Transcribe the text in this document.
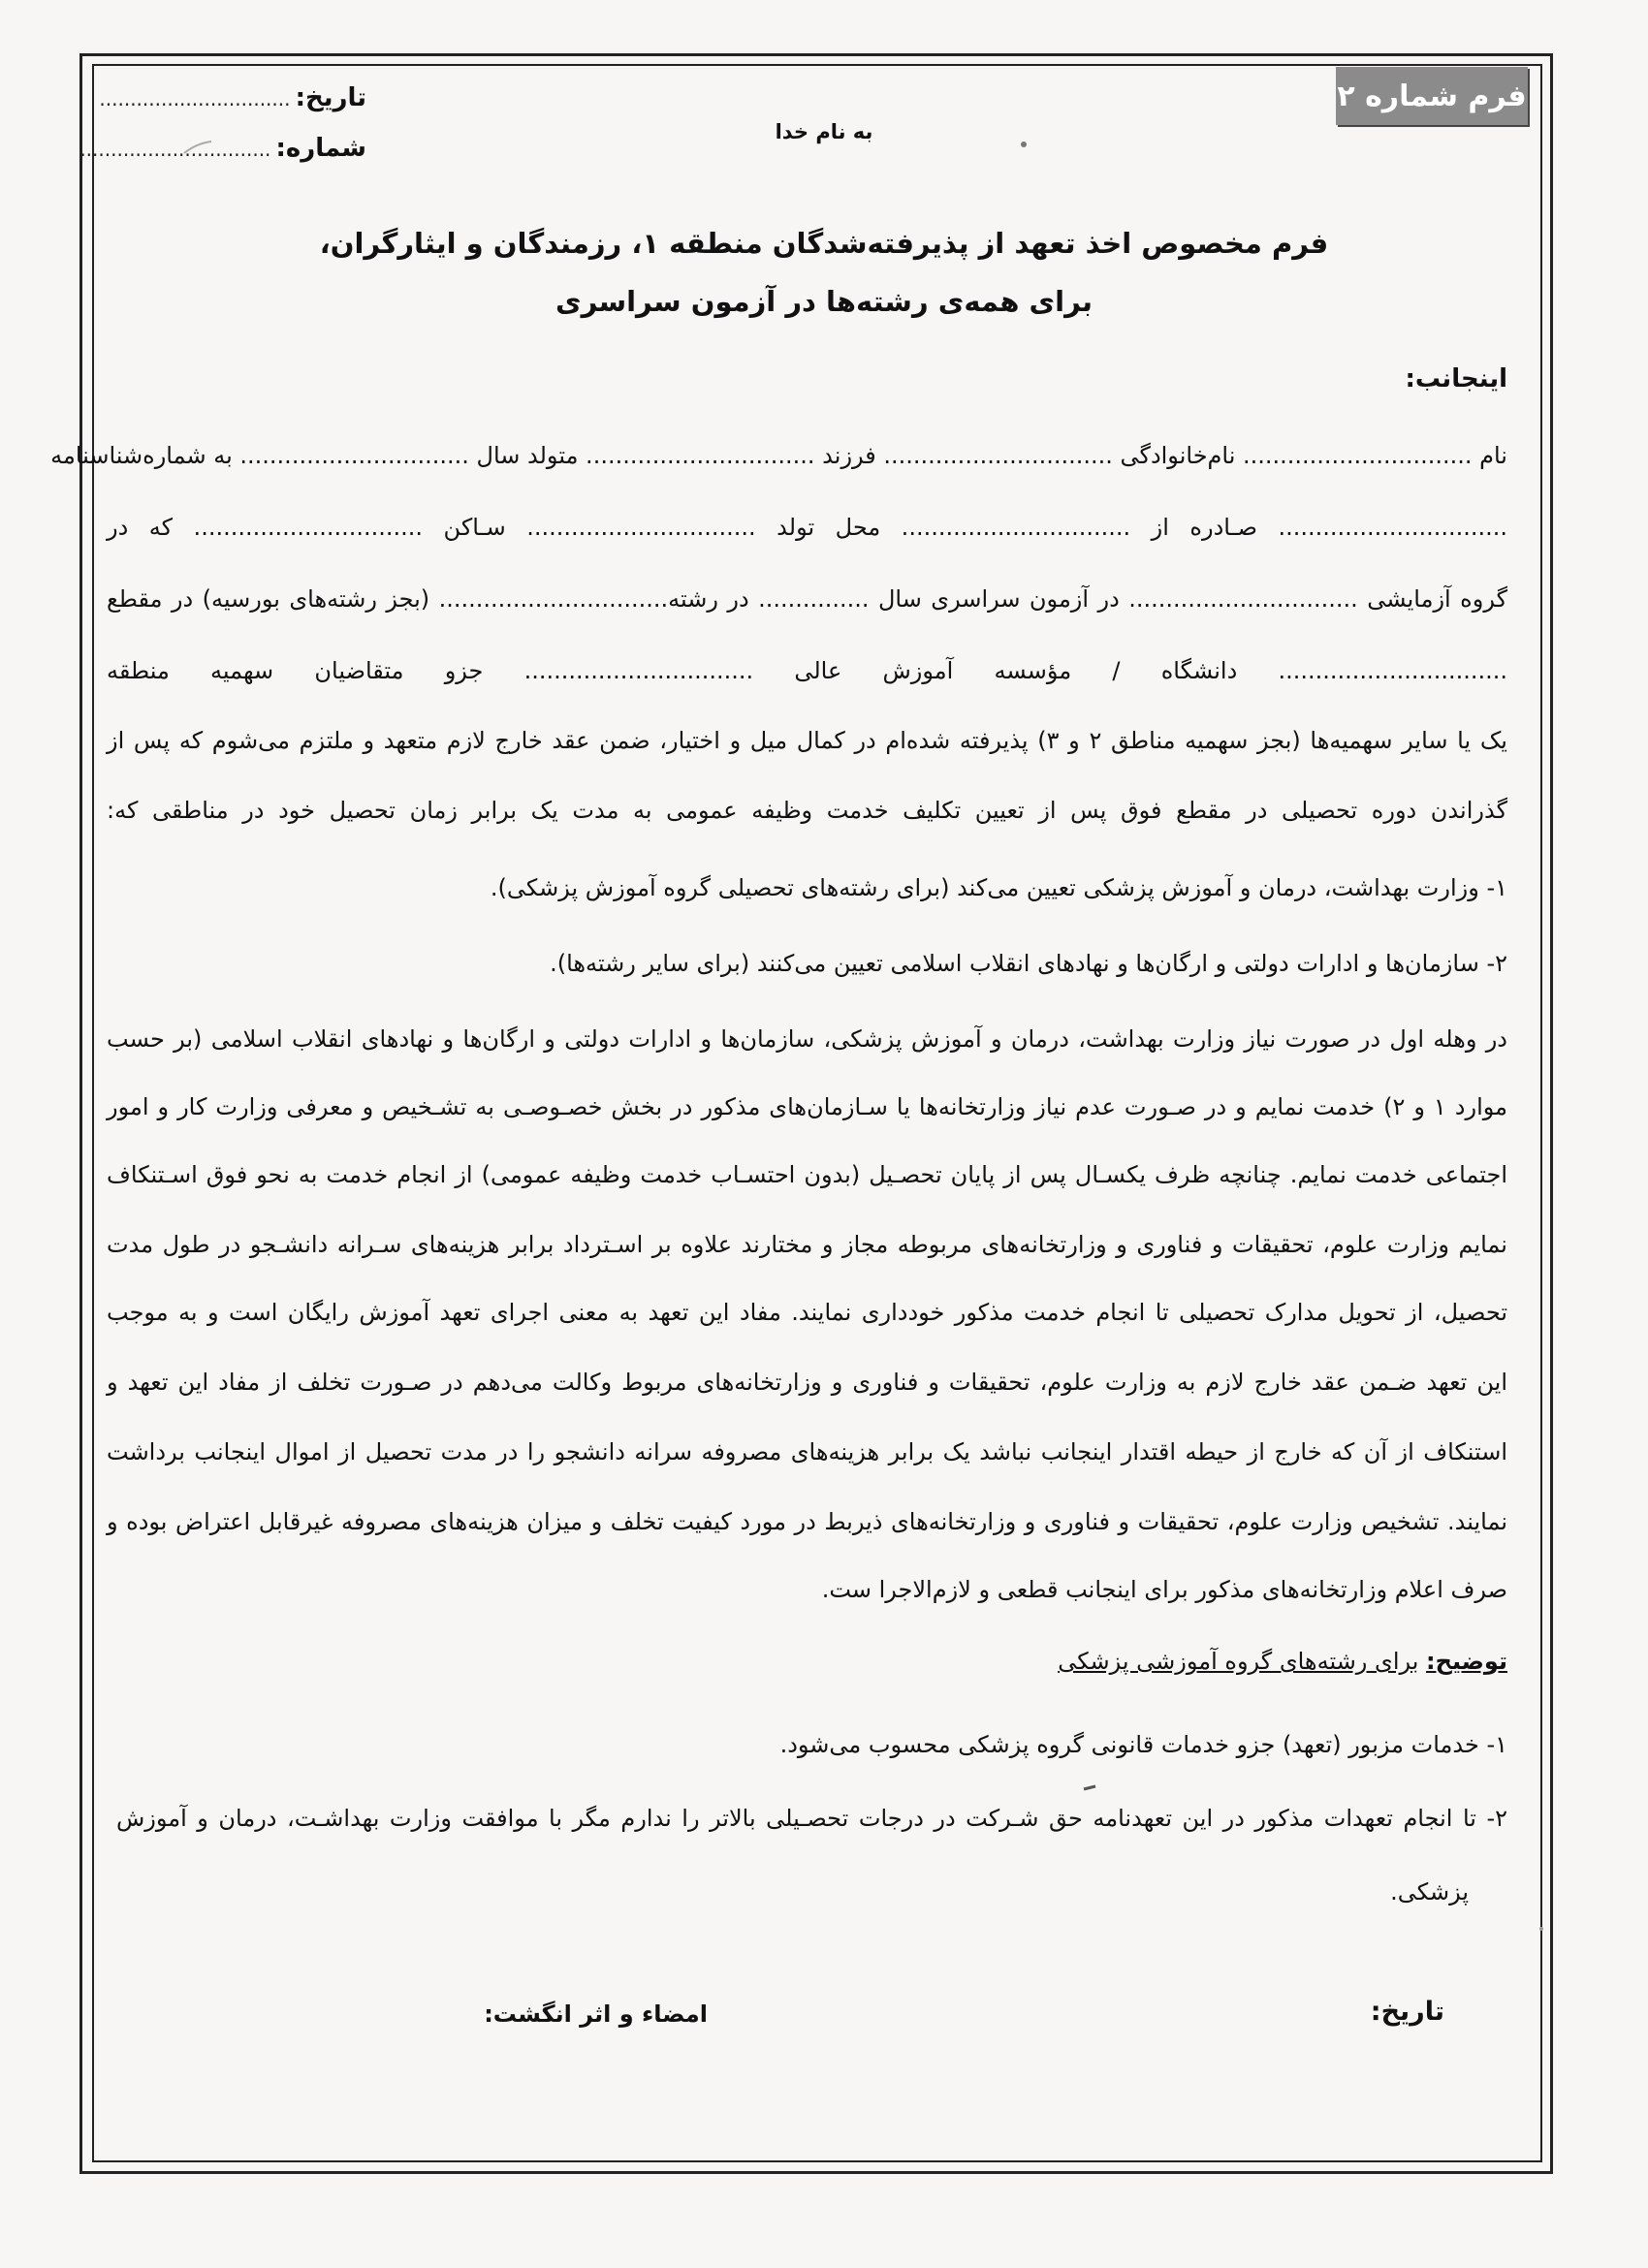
فرم شماره ۲
تاریخ: ...............................
شماره: ...............................
به نام خدا
فرم مخصوص اخذ تعهد از پذیرفته‌شدگان منطقه ۱، رزمندگان و ایثارگران،
برای همه‌ی رشته‌ها در آزمون سراسری
اینجانب:
نام ............................... نام‌خانوادگی ............................... فرزند ............................... متولد سال ............................... به شماره‌شناسنامه
............................... صـادره از ............................... محل تولد ............................... سـاکن ............................... که در
گروه آزمایشی ............................... در آزمون سراسری سال ............... در رشته............................... (بجز رشته‌های بورسیه) در مقطع
............................... دانشگاه / مؤسسه آموزش عالی ............................... جزو متقاضیان سهمیه منطقه
یک یا سایر سهمیه‌ها (بجز سهمیه مناطق ۲ و ۳) پذیرفته شده‌ام در کمال میل و اختیار، ضمن عقد خارج لازم متعهد و ملتزم می‌شوم که پس از
گذراندن دوره تحصیلی در مقطع فوق پس از تعیین تکلیف خدمت وظیفه عمومی به مدت یک برابر زمان تحصیل خود در مناطقی که:
۱- وزارت بهداشت، درمان و آموزش پزشکی تعیین می‌کند (برای رشته‌های تحصیلی گروه آموزش پزشکی).
۲- سازمان‌ها و ادارات دولتی و ارگان‌ها و نهادهای انقلاب اسلامی تعیین می‌کنند (برای سایر رشته‌ها).
در وهله اول در صورت نیاز وزارت بهداشت، درمان و آموزش پزشکی، سازمان‌ها و ادارات دولتی و ارگان‌ها و نهادهای انقلاب اسلامی (بر حسب
موارد ۱ و ۲) خدمت نمایم و در صـورت عدم نیاز وزارتخانه‌ها یا سـازمان‌های مذکور در بخش خصـوصـی به تشـخیص و معرفی وزارت کار و امور
اجتماعی خدمت نمایم. چنانچه ظرف یکسـال پس از پایان تحصـیل (بدون احتسـاب خدمت وظیفه عمومی) از انجام خدمت به نحو فوق اسـتنکاف
نمایم وزارت علوم، تحقیقات و فناوری و وزارتخانه‌های مربوطه مجاز و مختارند علاوه بر اسـترداد برابر هزینه‌های سـرانه دانشـجو در طول مدت
تحصیل، از تحویل مدارک تحصیلی تا انجام خدمت مذکور خودداری نمایند. مفاد این تعهد به معنی اجرای تعهد آموزش رایگان است و به موجب
این تعهد ضـمن عقد خارج لازم به وزارت علوم، تحقیقات و فناوری و وزارتخانه‌های مربوط وکالت می‌دهم در صـورت تخلف از مفاد این تعهد و
استنکاف از آن که خارج از حیطه اقتدار اینجانب نباشد یک برابر هزینه‌های مصروفه سرانه دانشجو را در مدت تحصیل از اموال اینجانب برداشت
نمایند. تشخیص وزارت علوم، تحقیقات و فناوری و وزارتخانه‌های ذیربط در مورد کیفیت تخلف و میزان هزینه‌های مصروفه غیرقابل اعتراض بوده و
صرف اعلام وزارتخانه‌های مذکور برای اینجانب قطعی و لازم‌الاجرا ست.
توضیح: برای رشته‌های گروه آموزشی پزشکی
۱- خدمات مزبور (تعهد) جزو خدمات قانونی گروه پزشکی محسوب می‌شود.
۲- تا انجام تعهدات مذکور در این تعهدنامه حق شـرکت در درجات تحصـیلی بالاتر را ندارم مگر با موافقت وزارت بهداشـت، درمان و آموزش
پزشکی.
تاریخ:
امضاء و اثر انگشت:
